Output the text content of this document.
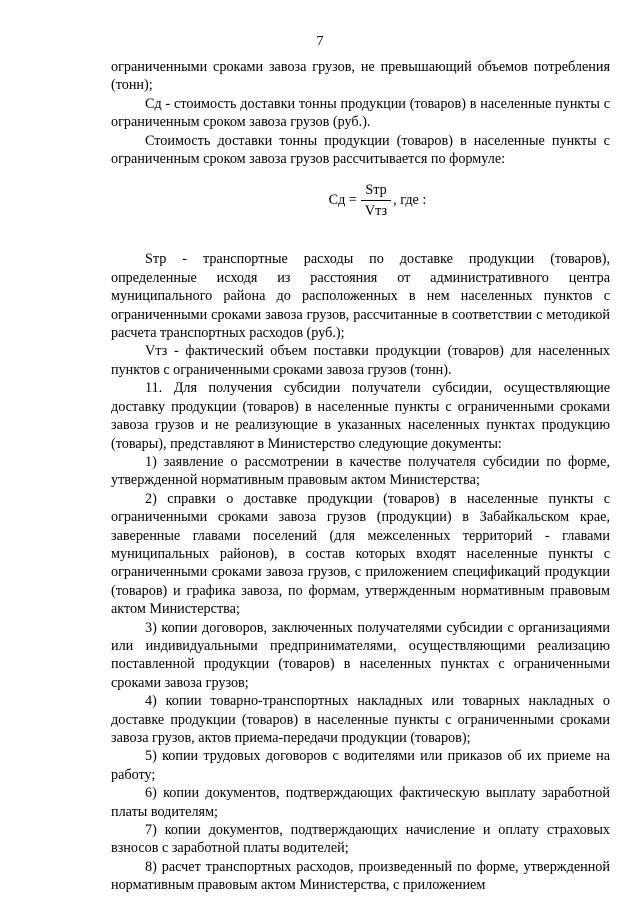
7

ограниченными сроками завоза грузов, не превышающий объемов потребления (тонн);

Сд - стоимость доставки тонны продукции (товаров) в населенные пункты с ограниченным сроком завоза грузов (руб.).

Стоимость доставки тонны продукции (товаров) в населенные пункты с ограниченным сроком завоза грузов рассчитывается по формуле:

Сд = $\frac{\text{Sтр}}{\text{Vтз}}$ , где :

Sтр - транспортные расходы по доставке продукции (товаров), определенные исходя из расстояния от административного центра муниципального района до расположенных в нем населенных пунктов с ограниченными сроками завоза грузов, рассчитанные в соответствии с методикой расчета транспортных расходов (руб.);

Vтз - фактический объем поставки продукции (товаров) для населенных пунктов с ограниченными сроками завоза грузов (тонн).

11. Для получения субсидии получатели субсидии, осуществляющие доставку продукции (товаров) в населенные пункты с ограниченными сроками завоза грузов и не реализующие в указанных населенных пунктах продукцию (товары), представляют в Министерство следующие документы:

1) заявление о рассмотрении в качестве получателя субсидии по форме, утвержденной нормативным правовым актом Министерства;

2) справки о доставке продукции (товаров) в населенные пункты с ограниченными сроками завоза грузов (продукции) в Забайкальском крае, заверенные главами поселений (для межселенных территорий - главами муниципальных районов), в состав которых входят населенные пункты с ограниченными сроками завоза грузов, с приложением спецификаций продукции (товаров) и графика завоза, по формам, утвержденным нормативным правовым актом Министерства;

3) копии договоров, заключенных получателями субсидии с организациями или индивидуальными предпринимателями, осуществляющими реализацию поставленной продукции (товаров) в населенных пунктах с ограниченными сроками завоза грузов;

4) копии товарно-транспортных накладных или товарных накладных о доставке продукции (товаров) в населенные пункты с ограниченными сроками завоза грузов, актов приема-передачи продукции (товаров);

5) копии трудовых договоров с водителями или приказов об их приеме на работу;

6) копии документов, подтверждающих фактическую выплату заработной платы водителям;

7) копии документов, подтверждающих начисление и оплату страховых взносов с заработной платы водителей;

8) расчет транспортных расходов, произведенный по форме, утвержденной нормативным правовым актом Министерства, с приложением
